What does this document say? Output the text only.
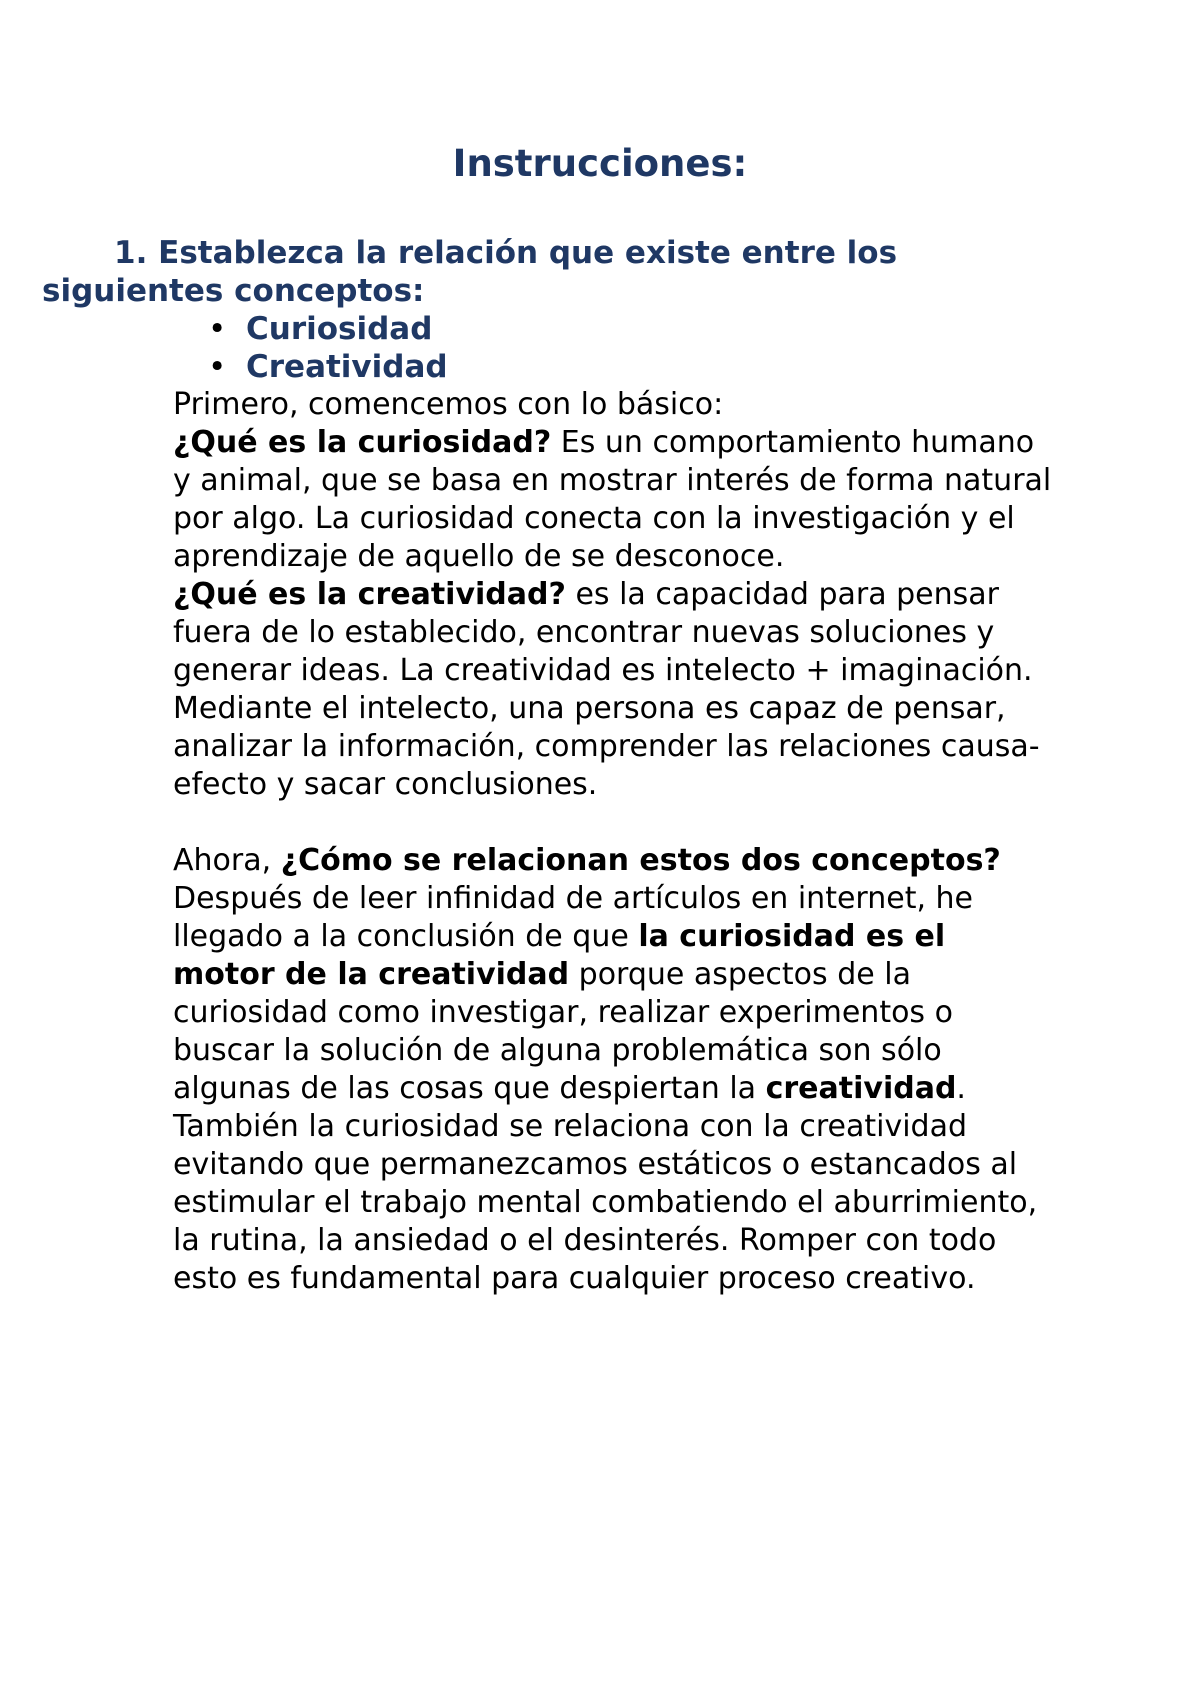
Instrucciones:

1. Establezca la relación que existe entre los siguientes conceptos:

• Curiosidad
• Creatividad

Primero, comencemos con lo básico:

¿Qué es la curiosidad? Es un comportamiento humano y animal, que se basa en mostrar interés de forma natural por algo. La curiosidad conecta con la investigación y el aprendizaje de aquello de se desconoce.

¿Qué es la creatividad? es la capacidad para pensar fuera de lo establecido, encontrar nuevas soluciones y generar ideas. La creatividad es intelecto + imaginación. Mediante el intelecto, una persona es capaz de pensar, analizar la información, comprender las relaciones causa-efecto y sacar conclusiones.

Ahora, ¿Cómo se relacionan estos dos conceptos? Después de leer infinidad de artículos en internet, he llegado a la conclusión de que la curiosidad es el motor de la creatividad porque aspectos de la curiosidad como investigar, realizar experimentos o buscar la solución de alguna problemática son sólo algunas de las cosas que despiertan la creatividad. También la curiosidad se relaciona con la creatividad evitando que permanezcamos estáticos o estancados al estimular el trabajo mental combatiendo el aburrimiento, la rutina, la ansiedad o el desinterés. Romper con todo esto es fundamental para cualquier proceso creativo.
